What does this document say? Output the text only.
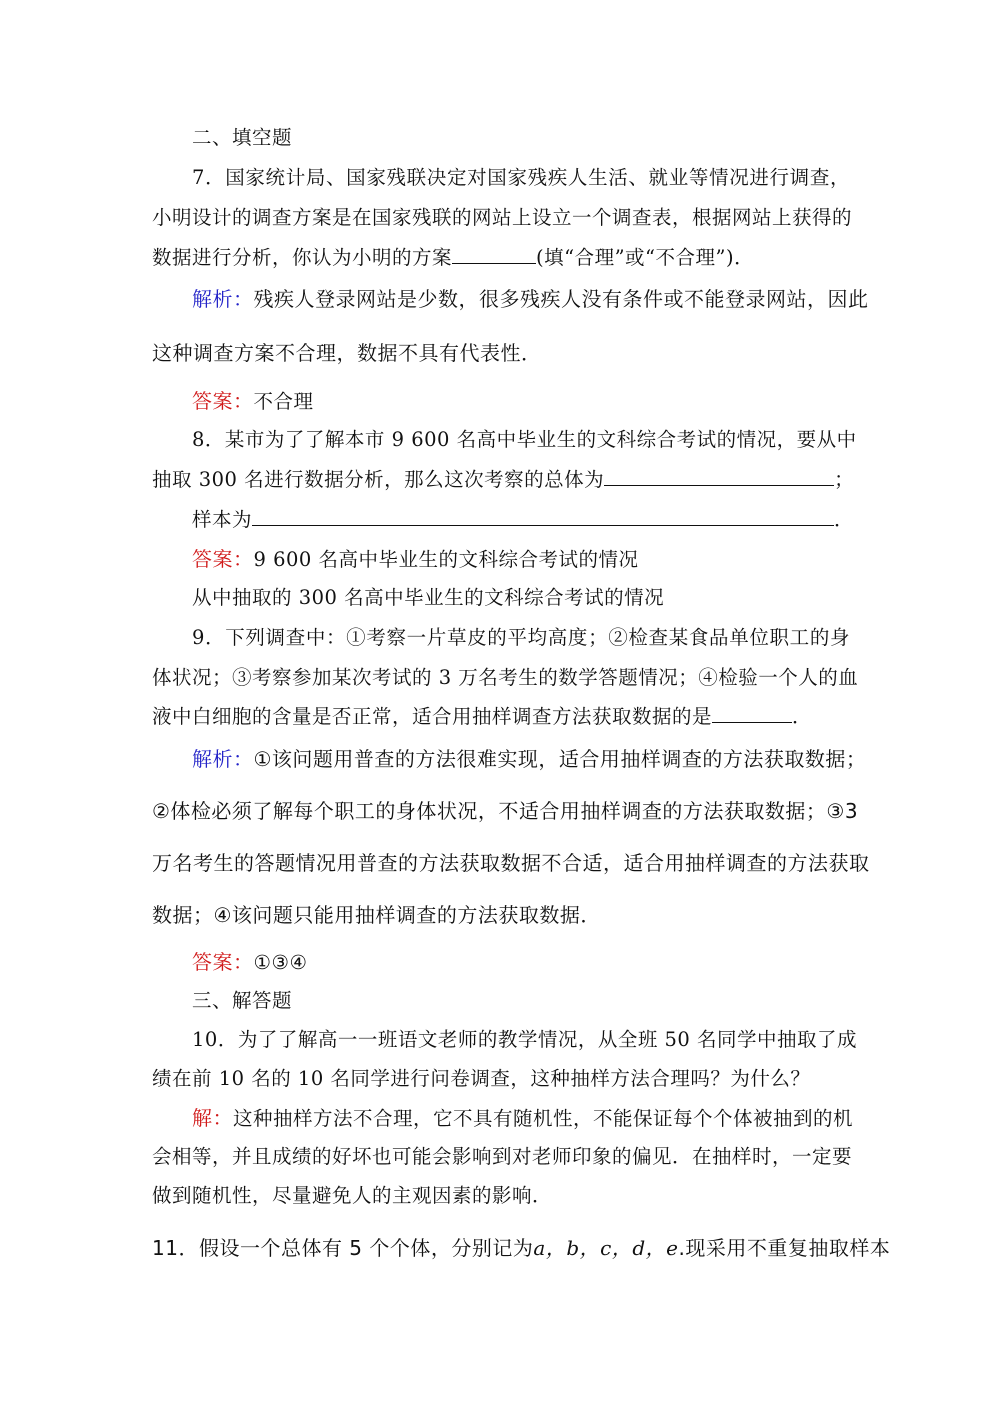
二、填空题
7．国家统计局、国家残联决定对国家残疾人生活、就业等情况进行调查，
小明设计的调查方案是在国家残联的网站上设立一个调查表，根据网站上获得的
数据进行分析，你认为小明的方案	(填“合理”或“不合理”)．
解析：残疾人登录网站是少数，很多残疾人没有条件或不能登录网站，因此
这种调查方案不合理，数据不具有代表性．
答案：不合理
8．某市为了了解本市 9 600 名高中毕业生的文科综合考试的情况，要从中
抽取 300 名进行数据分析，那么这次考察的总体为	；
样本为	．
答案：9 600 名高中毕业生的文科综合考试的情况
从中抽取的 300 名高中毕业生的文科综合考试的情况
9．下列调查中：①考察一片草皮的平均高度；②检查某食品单位职工的身
体状况；③考察参加某次考试的 3 万名考生的数学答题情况；④检验一个人的血
液中白细胞的含量是否正常，适合用抽样调查方法获取数据的是	．
解析：①该问题用普查的方法很难实现，适合用抽样调查的方法获取数据；
②体检必须了解每个职工的身体状况，不适合用抽样调查的方法获取数据；③3
万名考生的答题情况用普查的方法获取数据不合适，适合用抽样调查的方法获取
数据；④该问题只能用抽样调查的方法获取数据．
答案：①③④
三、解答题
10．为了了解高一一班语文老师的教学情况，从全班 50 名同学中抽取了成
绩在前 10 名的 10 名同学进行问卷调查，这种抽样方法合理吗？为什么？
解：这种抽样方法不合理，它不具有随机性，不能保证每个个体被抽到的机
会相等，并且成绩的好坏也可能会影响到对老师印象的偏见．在抽样时，一定要
做到随机性，尽量避免人的主观因素的影响．
11．假设一个总体有 5 个个体，分别记为a，b，c，d，e.现采用不重复抽取样本
